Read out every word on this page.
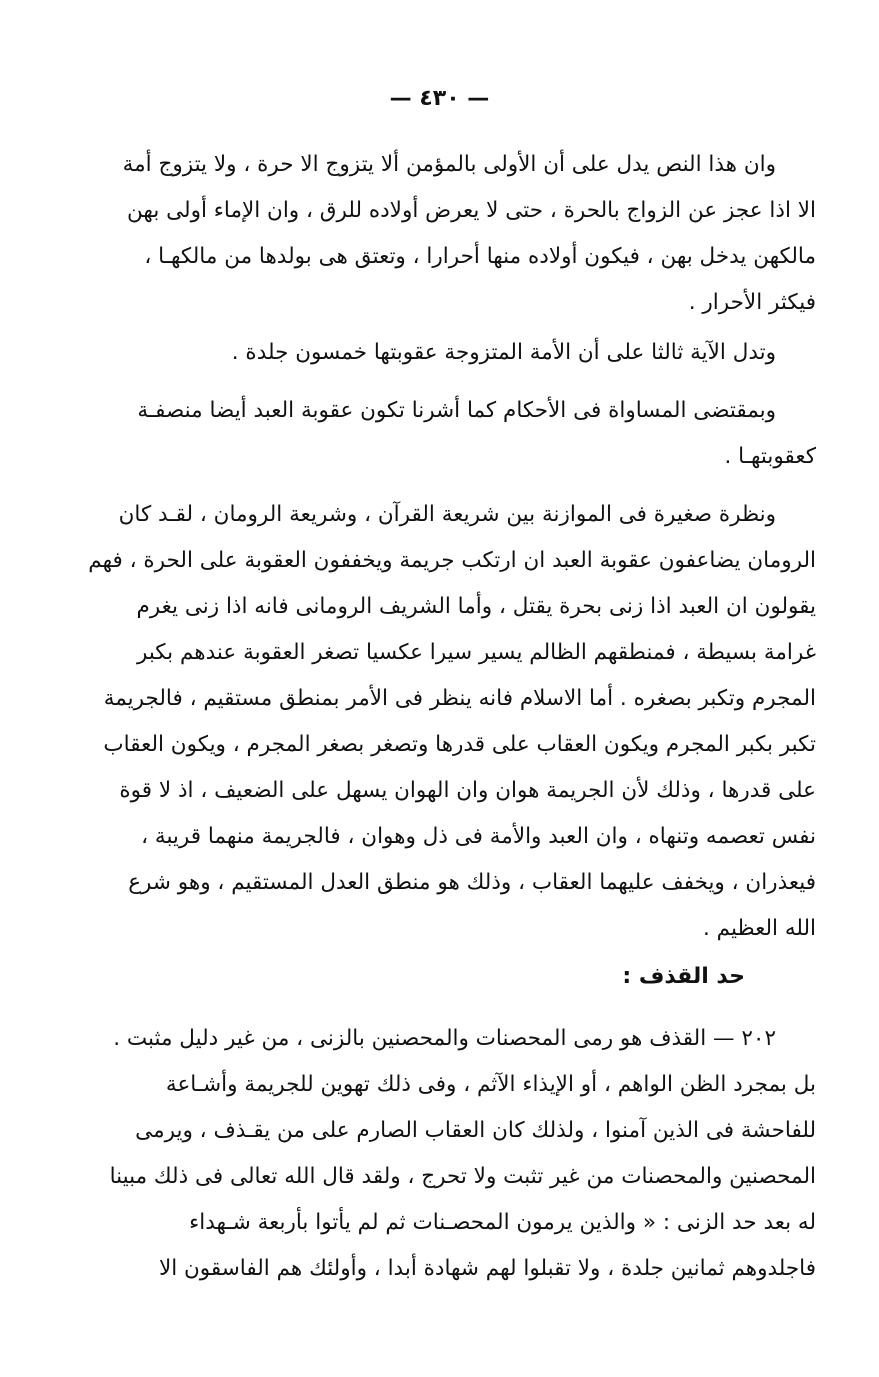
— ٤٣٠ —
وان هذا النص يدل على أن الأولى بالمؤمن ألا يتزوج الا حرة ، ولا يتزوج أمة
الا اذا عجز عن الزواج بالحرة ، حتى لا يعرض أولاده للرق ، وان الإماء أولى بهن
مالكهن يدخل بهن ، فيكون أولاده منها أحرارا ، وتعتق هى بولدها من مالكهـا ،
فيكثر الأحرار .
وتدل الآية ثالثا على أن الأمة المتزوجة عقوبتها خمسون جلدة .
وبمقتضى المساواة فى الأحكام كما أشرنا تكون عقوبة العبد أيضا منصفـة
كعقوبتهـا .
ونظرة صغيرة فى الموازنة بين شريعة القرآن ، وشريعة الرومان ، لقـد كان
الرومان يضاعفون عقوبة العبد ان ارتكب جريمة ويخففون العقوبة على الحرة ، فهم
يقولون ان العبد اذا زنى بحرة يقتل ، وأما الشريف الرومانى فانه اذا زنى يغرم
غرامة بسيطة ، فمنطقهم الظالم يسير سيرا عكسيا تصغر العقوبة عندهم بكبر
المجرم وتكبر بصغره . أما الاسلام فانه ينظر فى الأمر بمنطق مستقيم ، فالجريمة
تكبر بكبر المجرم ويكون العقاب على قدرها وتصغر بصغر المجرم ، ويكون العقاب
على قدرها ، وذلك لأن الجريمة هوان وان الهوان يسهل على الضعيف ، اذ لا قوة
نفس تعصمه وتنهاه ، وان العبد والأمة فى ذل وهوان ، فالجريمة منهما قريبة ،
فيعذران ، ويخفف عليهما العقاب ، وذلك هو منطق العدل المستقيم ، وهو شرع
الله العظيم .
حد القذف :
٢٠٢ — القذف هو رمى المحصنات والمحصنين بالزنى ، من غير دليل مثبت .
بل بمجرد الظن الواهم ، أو الإيذاء الآثم ، وفى ذلك تهوين للجريمة وأشـاعة
للفاحشة فى الذين آمنوا ، ولذلك كان العقاب الصارم على من يقـذف ، ويرمى
المحصنين والمحصنات من غير تثبت ولا تحرج ، ولقد قال الله تعالى فى ذلك مبينا
له بعد حد الزنى : « والذين يرمون المحصـنات ثم لم يأتوا بأربعة شـهداء
فاجلدوهم ثمانين جلدة ، ولا تقبلوا لهم شهادة أبدا ، وأولئك هم الفاسقون الا
